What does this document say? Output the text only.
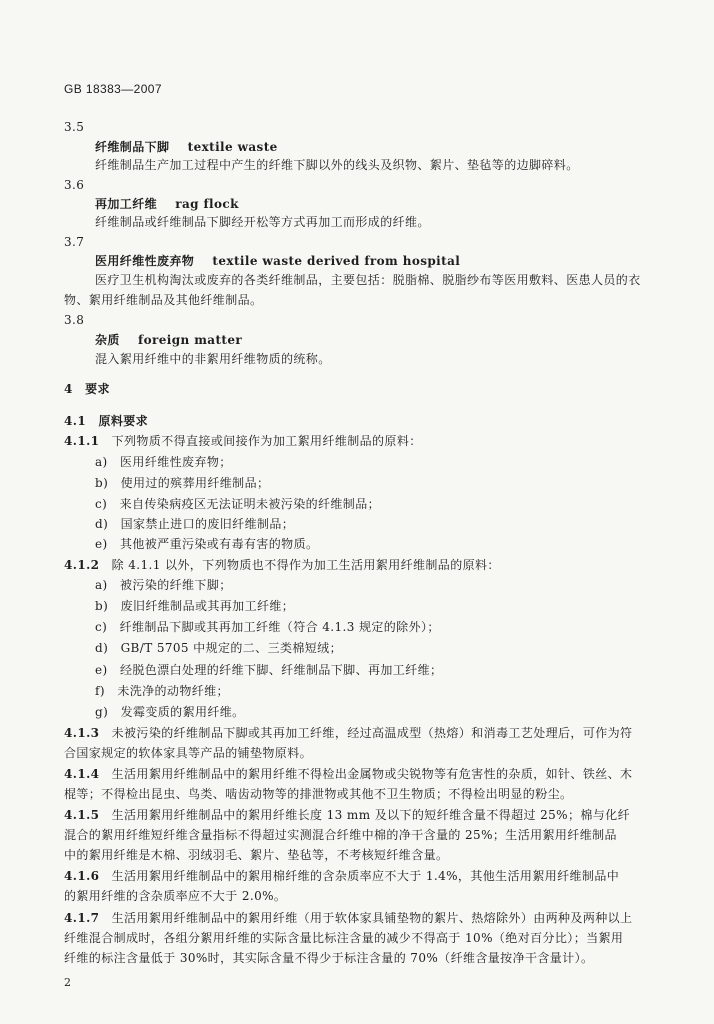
GB 18383—2007
3.5
纤维制品下脚 textile waste
纤维制品生产加工过程中产生的纤维下脚以外的线头及织物、絮片、垫毡等的边脚碎料。
3.6
再加工纤维 rag flock
纤维制品或纤维制品下脚经开松等方式再加工而形成的纤维。
3.7
医用纤维性废弃物 textile waste derived from hospital
医疗卫生机构淘汰或废弃的各类纤维制品，主要包括：脱脂棉、脱脂纱布等医用敷料、医患人员的衣
物、絮用纤维制品及其他纤维制品。
3.8
杂质 foreign matter
混入絮用纤维中的非絮用纤维物质的统称。
4　要求
4.1　原料要求
4.1.1 下列物质不得直接或间接作为加工絮用纤维制品的原料：
a)　医用纤维性废弃物；
b)　使用过的殡葬用纤维制品；
c)　来自传染病疫区无法证明未被污染的纤维制品；
d)　国家禁止进口的废旧纤维制品；
e)　其他被严重污染或有毒有害的物质。
4.1.2 除 4.1.1 以外，下列物质也不得作为加工生活用絮用纤维制品的原料：
a)　被污染的纤维下脚；
b)　废旧纤维制品或其再加工纤维；
c)　纤维制品下脚或其再加工纤维（符合 4.1.3 规定的除外）；
d)　GB/T 5705 中规定的二、三类棉短绒；
e)　经脱色漂白处理的纤维下脚、纤维制品下脚、再加工纤维；
f)　未洗净的动物纤维；
g)　发霉变质的絮用纤维。
4.1.3 未被污染的纤维制品下脚或其再加工纤维，经过高温成型（热熔）和消毒工艺处理后，可作为符
合国家规定的软体家具等产品的铺垫物原料。
4.1.4 生活用絮用纤维制品中的絮用纤维不得检出金属物或尖锐物等有危害性的杂质，如针、铁丝、木
棍等；不得检出昆虫、鸟类、啮齿动物等的排泄物或其他不卫生物质；不得检出明显的粉尘。
4.1.5 生活用絮用纤维制品中的絮用纤维长度 13 mm 及以下的短纤维含量不得超过 25%；棉与化纤
混合的絮用纤维短纤维含量指标不得超过实测混合纤维中棉的净干含量的 25%；生活用絮用纤维制品
中的絮用纤维是木棉、羽绒羽毛、絮片、垫毡等，不考核短纤维含量。
4.1.6 生活用絮用纤维制品中的絮用棉纤维的含杂质率应不大于 1.4%，其他生活用絮用纤维制品中
的絮用纤维的含杂质率应不大于 2.0%。
4.1.7 生活用絮用纤维制品中的絮用纤维（用于软体家具铺垫物的絮片、热熔除外）由两种及两种以上
纤维混合制成时，各组分絮用纤维的实际含量比标注含量的减少不得高于 10%（绝对百分比）；当絮用
纤维的标注含量低于 30%时，其实际含量不得少于标注含量的 70%（纤维含量按净干含量计）。
2
